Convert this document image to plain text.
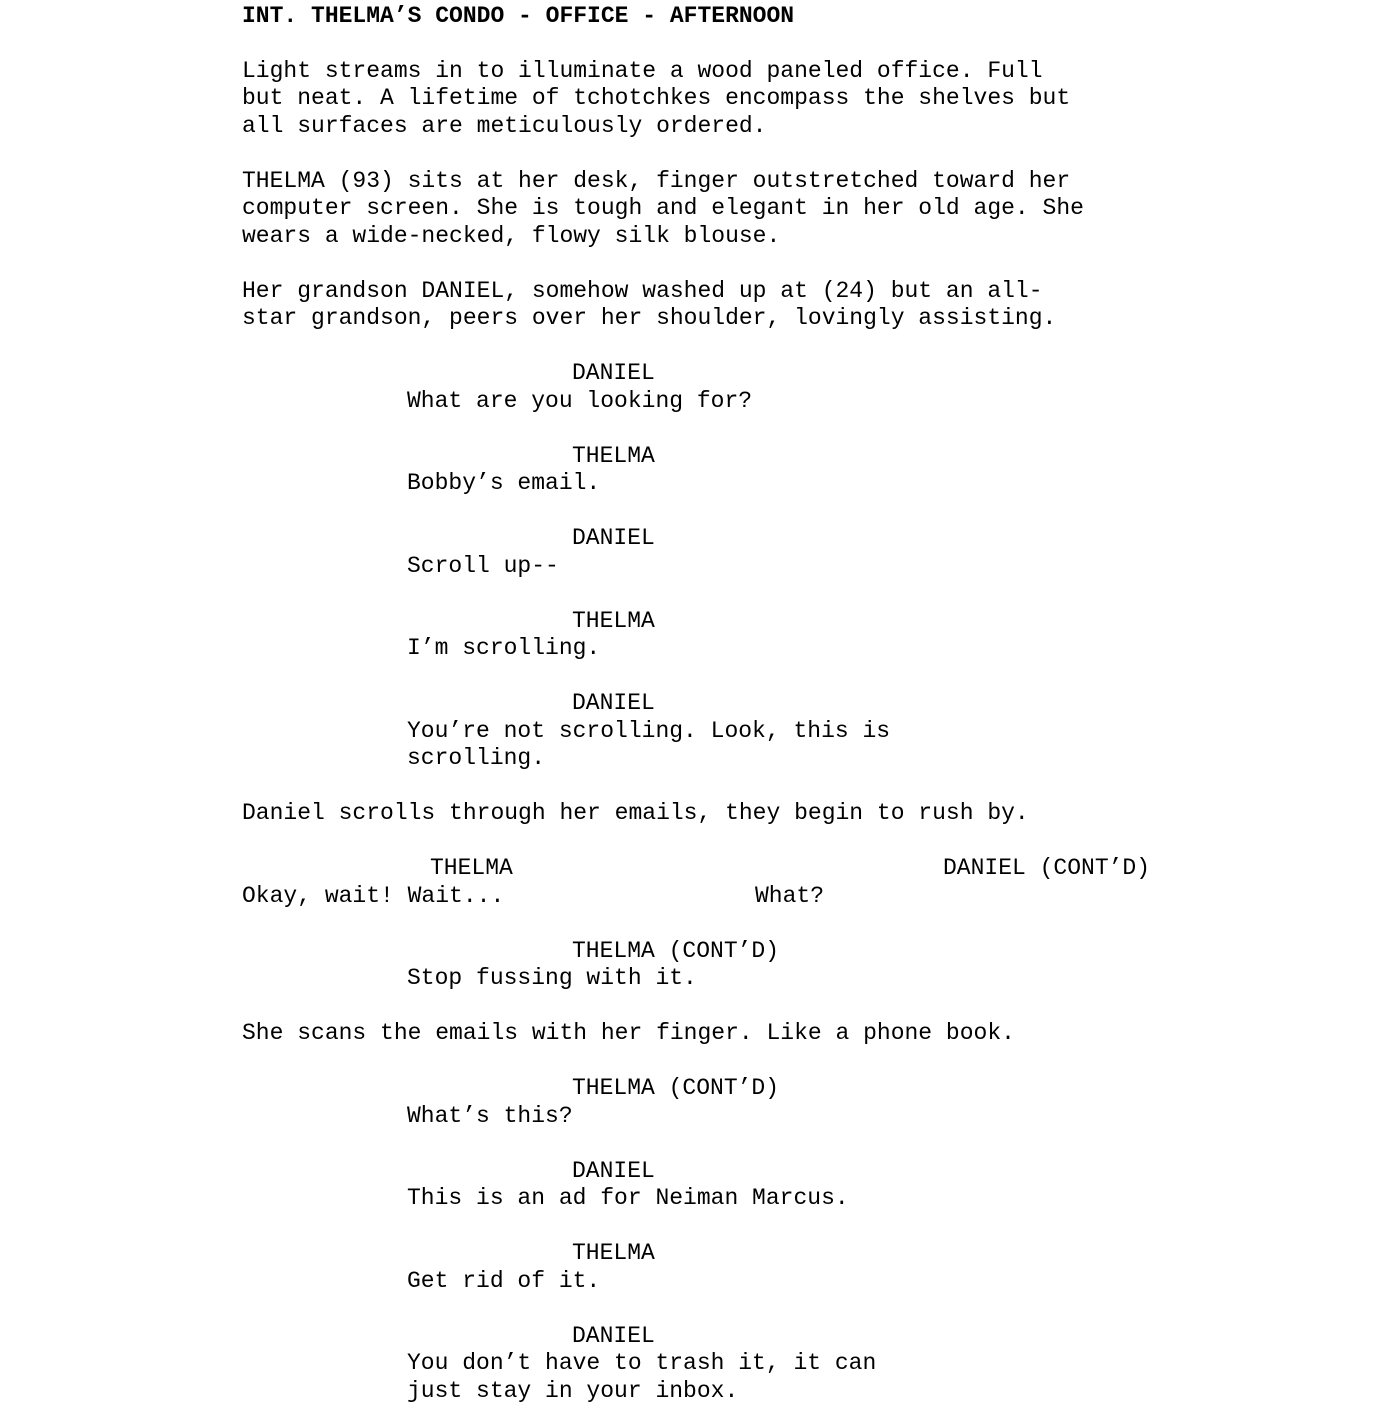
INT. THELMA’S CONDO - OFFICE - AFTERNOON
Light streams in to illuminate a wood paneled office. Full
but neat. A lifetime of tchotchkes encompass the shelves but
all surfaces are meticulously ordered.
THELMA (93) sits at her desk, finger outstretched toward her
computer screen. She is tough and elegant in her old age. She
wears a wide-necked, flowy silk blouse.
Her grandson DANIEL, somehow washed up at (24) but an all-
star grandson, peers over her shoulder, lovingly assisting.
DANIEL
What are you looking for?
THELMA
Bobby’s email.
DANIEL
Scroll up--
THELMA
I’m scrolling.
DANIEL
You’re not scrolling. Look, this is
scrolling.
Daniel scrolls through her emails, they begin to rush by.
THELMA	DANIEL (CONT’D)
Okay, wait! Wait...	What?
THELMA (CONT’D)
Stop fussing with it.
She scans the emails with her finger. Like a phone book.
THELMA (CONT’D)
What’s this?
DANIEL
This is an ad for Neiman Marcus.
THELMA
Get rid of it.
DANIEL
You don’t have to trash it, it can
just stay in your inbox.
